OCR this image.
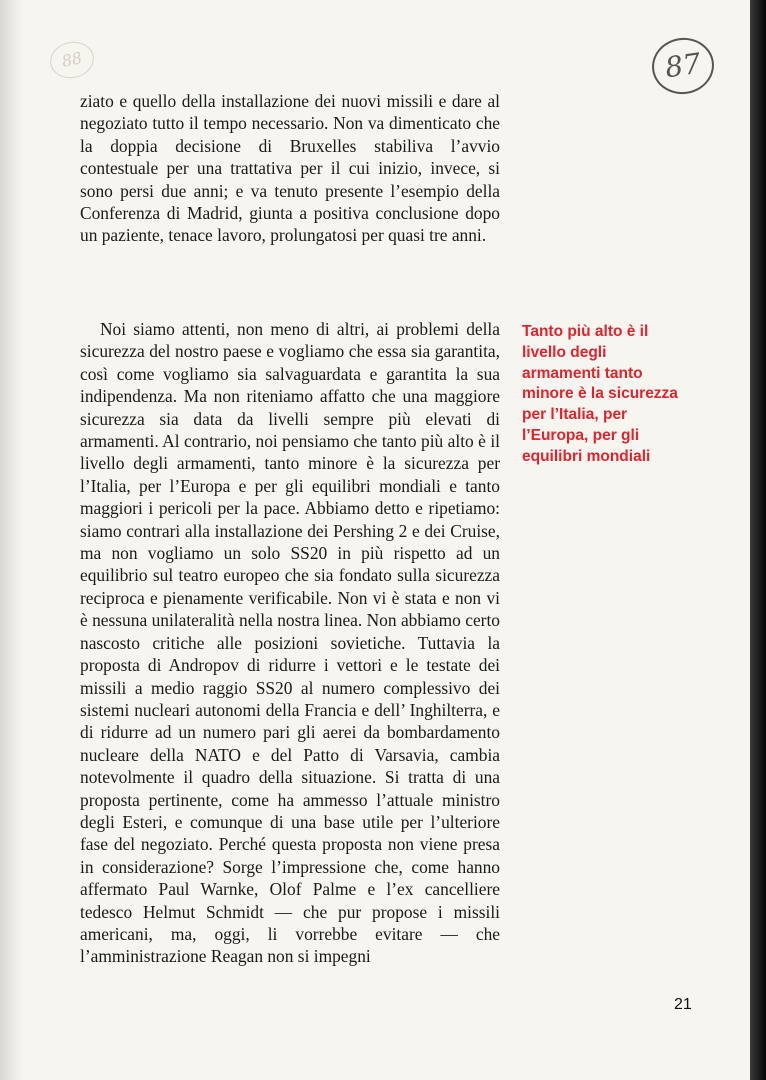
88	87

ziato e quello della installazione dei nuovi missili e dare al negoziato tutto il tempo necessario. Non va dimenticato che la doppia decisione di Bruxelles stabiliva l’avvio contestuale per una trattativa per il cui inizio, invece, si sono persi due anni; e va tenuto presente l’esempio della Conferenza di Madrid, giunta a positiva conclusione dopo un paziente, tenace lavoro, prolungatosi per quasi tre anni.

Noi siamo attenti, non meno di altri, ai problemi della sicurezza del nostro paese e vogliamo che essa sia garantita, così come vogliamo sia salvaguardata e garantita la sua indipendenza. Ma non riteniamo affatto che una maggiore sicurezza sia data da livelli sempre più elevati di armamenti. Al contrario, noi pensiamo che tanto più alto è il livello degli armamenti, tanto minore è la sicurezza per l’Italia, per l’Europa e per gli equilibri mondiali e tanto maggiori i pericoli per la pace. Abbiamo detto e ripetiamo: siamo contrari alla installazione dei Pershing 2 e dei Cruise, ma non vogliamo un solo SS20 in più rispetto ad un equilibrio sul teatro europeo che sia fondato sulla sicurezza reciproca e pienamente verificabile. Non vi è stata e non vi è nessuna unilateralità nella nostra linea. Non abbiamo certo nascosto critiche alle posizioni sovietiche. Tuttavia la proposta di Andropov di ridurre i vettori e le testate dei missili a medio raggio SS20 al numero complessivo dei sistemi nucleari autonomi della Francia e dell’ Inghilterra, e di ridurre ad un numero pari gli aerei da bombardamento nucleare della NATO e del Patto di Varsavia, cambia notevolmente il quadro della situazione. Si tratta di una proposta pertinente, come ha ammesso l’attuale ministro degli Esteri, e comunque di una base utile per l’ulteriore fase del negoziato. Perché questa proposta non viene presa in considerazione? Sorge l’impressione che, come hanno affermato Paul Warnke, Olof Palme e l’ex cancelliere tedesco Helmut Schmidt — che pur propose i missili americani, ma, oggi, li vorrebbe evitare — che l’amministrazione Reagan non si impegni

Tanto più alto è il livello degli armamenti tanto minore è la sicurezza per l’Italia, per l’Europa, per gli equilibri mondiali
21
